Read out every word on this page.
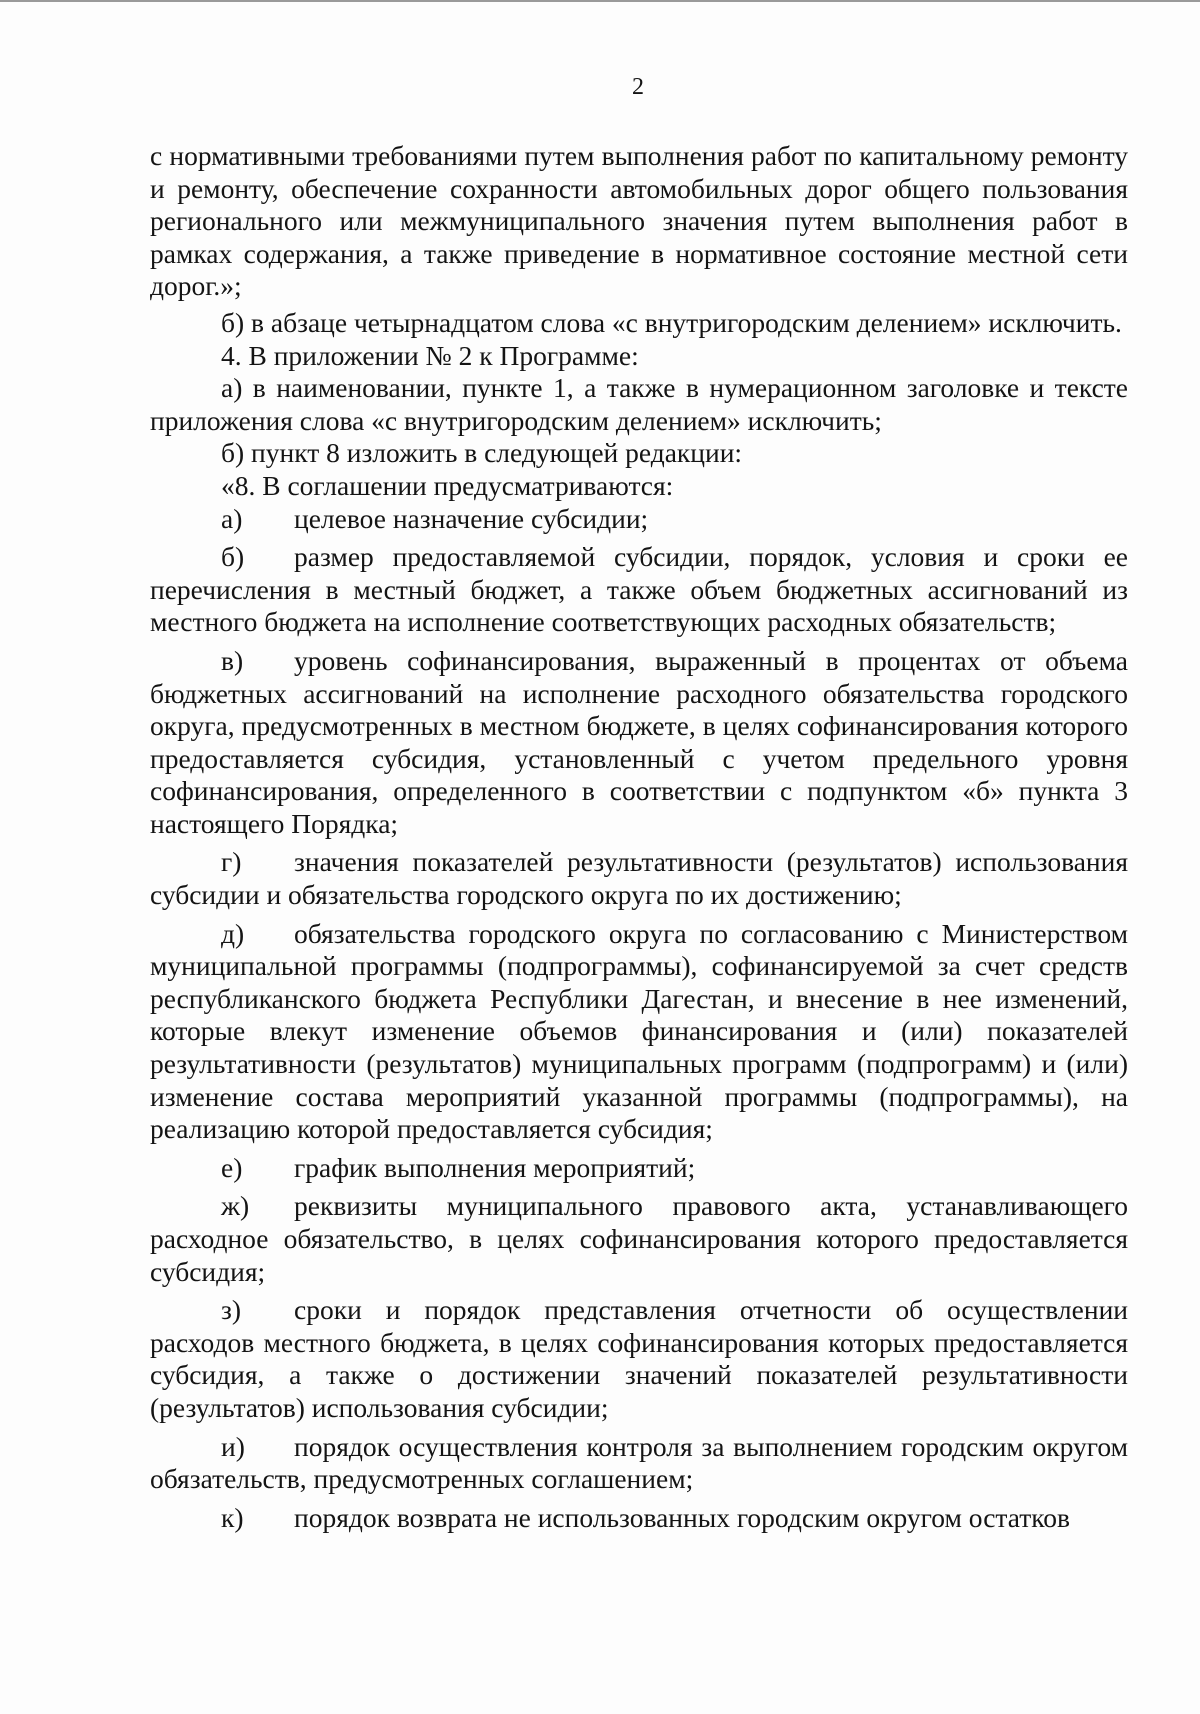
2

с нормативными требованиями путем выполнения работ по капитальному ремонту и ремонту, обеспечение сохранности автомобильных дорог общего пользования регионального или межмуниципального значения путем выполнения работ в рамках содержания, а также приведение в нормативное состояние местной сети дорог.»;

б) в абзаце четырнадцатом слова «с внутригородским делением» исключить.

4. В приложении № 2 к Программе:

а) в наименовании, пункте 1, а также в нумерационном заголовке и тексте приложения слова «с внутригородским делением» исключить;

б) пункт 8 изложить в следующей редакции:

«8. В соглашении предусматриваются:

а) целевое назначение субсидии;

б) размер предоставляемой субсидии, порядок, условия и сроки ее перечисления в местный бюджет, а также объем бюджетных ассигнований из местного бюджета на исполнение соответствующих расходных обязательств;

в) уровень софинансирования, выраженный в процентах от объема бюджетных ассигнований на исполнение расходного обязательства городского округа, предусмотренных в местном бюджете, в целях софинансирования которого предоставляется субсидия, установленный с учетом предельного уровня софинансирования, определенного в соответствии с подпунктом «б» пункта 3 настоящего Порядка;

г) значения показателей результативности (результатов) использования субсидии и обязательства городского округа по их достижению;

д) обязательства городского округа по согласованию с Министерством муниципальной программы (подпрограммы), софинансируемой за счет средств республиканского бюджета Республики Дагестан, и внесение в нее изменений, которые влекут изменение объемов финансирования и (или) показателей результативности (результатов) муниципальных программ (подпрограмм) и (или) изменение состава мероприятий указанной программы (подпрограммы), на реализацию которой предоставляется субсидия;

е) график выполнения мероприятий;

ж) реквизиты муниципального правового акта, устанавливающего расходное обязательство, в целях софинансирования которого предоставляется субсидия;

з) сроки и порядок представления отчетности об осуществлении расходов местного бюджета, в целях софинансирования которых предоставляется субсидия, а также о достижении значений показателей результативности (результатов) использования субсидии;

и) порядок осуществления контроля за выполнением городским округом обязательств, предусмотренных соглашением;

к) порядок возврата не использованных городским округом остатков
